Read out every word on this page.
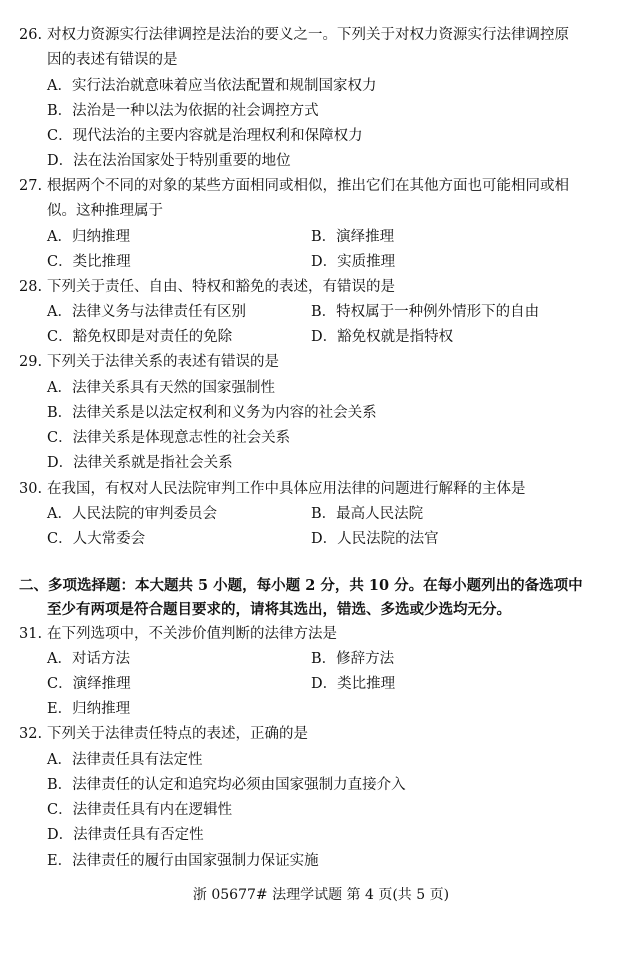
26. 对权力资源实行法律调控是法治的要义之一。下列关于对权力资源实行法律调控原
因的表述有错误的是
A．实行法治就意味着应当依法配置和规制国家权力
B．法治是一种以法为依据的社会调控方式
C．现代法治的主要内容就是治理权利和保障权力
D．法在法治国家处于特别重要的地位
27. 根据两个不同的对象的某些方面相同或相似，推出它们在其他方面也可能相同或相
似。这种推理属于
A．归纳推理	B．演绎推理
C．类比推理	D．实质推理
28. 下列关于责任、自由、特权和豁免的表述，有错误的是
A．法律义务与法律责任有区别	B．特权属于一种例外情形下的自由
C．豁免权即是对责任的免除	D．豁免权就是指特权
29. 下列关于法律关系的表述有错误的是
A．法律关系具有天然的国家强制性
B．法律关系是以法定权利和义务为内容的社会关系
C．法律关系是体现意志性的社会关系
D．法律关系就是指社会关系
30. 在我国，有权对人民法院审判工作中具体应用法律的问题进行解释的主体是
A．人民法院的审判委员会	B．最高人民法院
C．人大常委会	D．人民法院的法官
二、多项选择题：本大题共 5 小题，每小题 2 分，共 10 分。在每小题列出的备选项中
至少有两项是符合题目要求的，请将其选出，错选、多选或少选均无分。
31. 在下列选项中，不关涉价值判断的法律方法是
A．对话方法	B．修辞方法
C．演绎推理	D．类比推理
E．归纳推理
32. 下列关于法律责任特点的表述，正确的是
A．法律责任具有法定性
B．法律责任的认定和追究均必须由国家强制力直接介入
C．法律责任具有内在逻辑性
D．法律责任具有否定性
E．法律责任的履行由国家强制力保证实施
浙 05677# 法理学试题 第 4 页(共 5 页)
